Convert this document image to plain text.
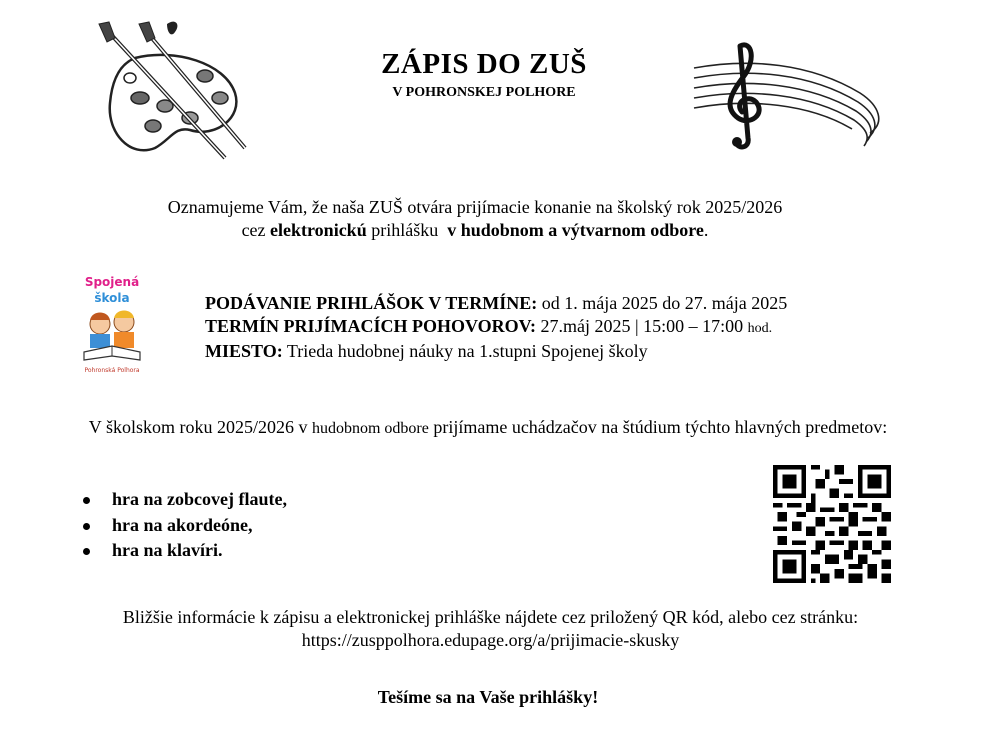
ZÁPIS DO ZUŠ
V POHRONSKEJ POLHORE
Oznamujeme Vám, že naša ZUŠ otvára prijímacie konanie na školský rok 2025/2026
cez elektronickú prihlášku  v hudobnom a výtvarnom odbore.
Spojená
škola
Pohronská Polhora
PODÁVANIE PRIHLÁŠOK V TERMÍNE: od 1. mája 2025 do 27. mája 2025
TERMÍN PRIJÍMACÍCH POHOVOROV: 27.máj 2025 | 15:00 – 17:00 hod.
MIESTO: Trieda hudobnej náuky na 1.stupni Spojenej školy
V školskom roku 2025/2026 v hudobnom odbore prijímame uchádzačov na štúdium týchto hlavných predmetov:
hra na zobcovej flaute,
hra na akordeóne,
hra na klavíri.
Bližšie informácie k zápisu a elektronickej prihláške nájdete cez priložený QR kód, alebo cez stránku:
https://zusppolhora.edupage.org/a/prijimacie-skusky
Tešíme sa na Vaše prihlášky!
